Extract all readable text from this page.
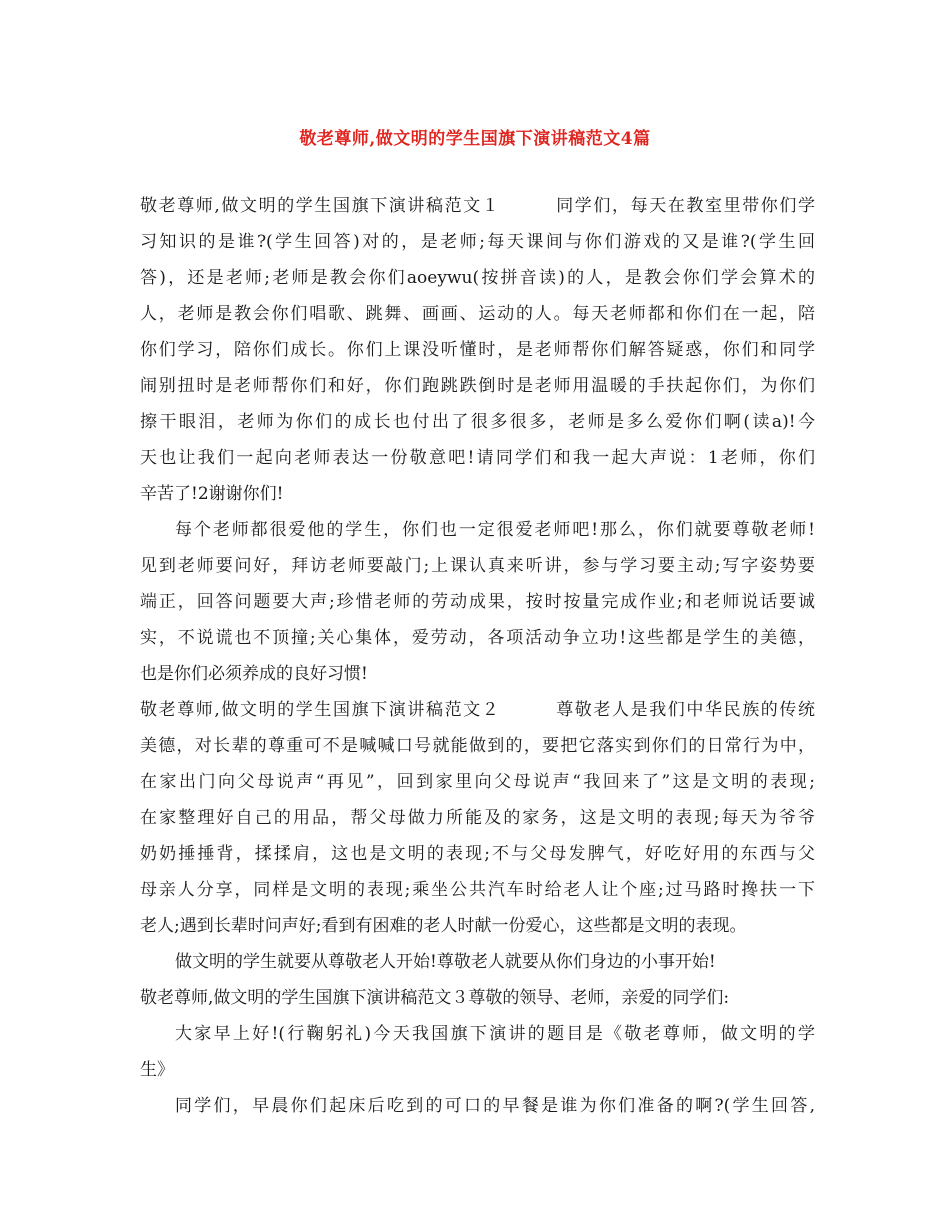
敬老尊师,做文明的学生国旗下演讲稿范文4篇
敬老尊师,做文明的学生国旗下演讲稿范文１　　　同学们，每天在教室里带你们学
习知识的是谁?(学生回答)对的，是老师;每天课间与你们游戏的又是谁?(学生回
答)，还是老师;老师是教会你们aoeywu(按拼音读)的人，是教会你们学会算术的
人，老师是教会你们唱歌、跳舞、画画、运动的人。每天老师都和你们在一起，陪
你们学习，陪你们成长。你们上课没听懂时，是老师帮你们解答疑惑，你们和同学
闹别扭时是老师帮你们和好，你们跑跳跌倒时是老师用温暖的手扶起你们，为你们
擦干眼泪，老师为你们的成长也付出了很多很多，老师是多么爱你们啊(读a)!今
天也让我们一起向老师表达一份敬意吧!请同学们和我一起大声说：1老师，你们
辛苦了!2谢谢你们!
每个老师都很爱他的学生，你们也一定很爱老师吧!那么，你们就要尊敬老师!
见到老师要问好，拜访老师要敲门;上课认真来听讲，参与学习要主动;写字姿势要
端正，回答问题要大声;珍惜老师的劳动成果，按时按量完成作业;和老师说话要诚
实，不说谎也不顶撞;关心集体，爱劳动，各项活动争立功!这些都是学生的美德，
也是你们必须养成的良好习惯!
敬老尊师,做文明的学生国旗下演讲稿范文２　　　尊敬老人是我们中华民族的传统
美德，对长辈的尊重可不是喊喊口号就能做到的，要把它落实到你们的日常行为中，
在家出门向父母说声“再见”，回到家里向父母说声“我回来了”这是文明的表现;
在家整理好自己的用品，帮父母做力所能及的家务，这是文明的表现;每天为爷爷
奶奶捶捶背，揉揉肩，这也是文明的表现;不与父母发脾气，好吃好用的东西与父
母亲人分享，同样是文明的表现;乘坐公共汽车时给老人让个座;过马路时搀扶一下
老人;遇到长辈时问声好;看到有困难的老人时献一份爱心，这些都是文明的表现。
做文明的学生就要从尊敬老人开始!尊敬老人就要从你们身边的小事开始!
敬老尊师,做文明的学生国旗下演讲稿范文３尊敬的领导、老师，亲爱的同学们:
大家早上好!(行鞠躬礼)今天我国旗下演讲的题目是《敬老尊师，做文明的学
生》
同学们，早晨你们起床后吃到的可口的早餐是谁为你们准备的啊?(学生回答,
